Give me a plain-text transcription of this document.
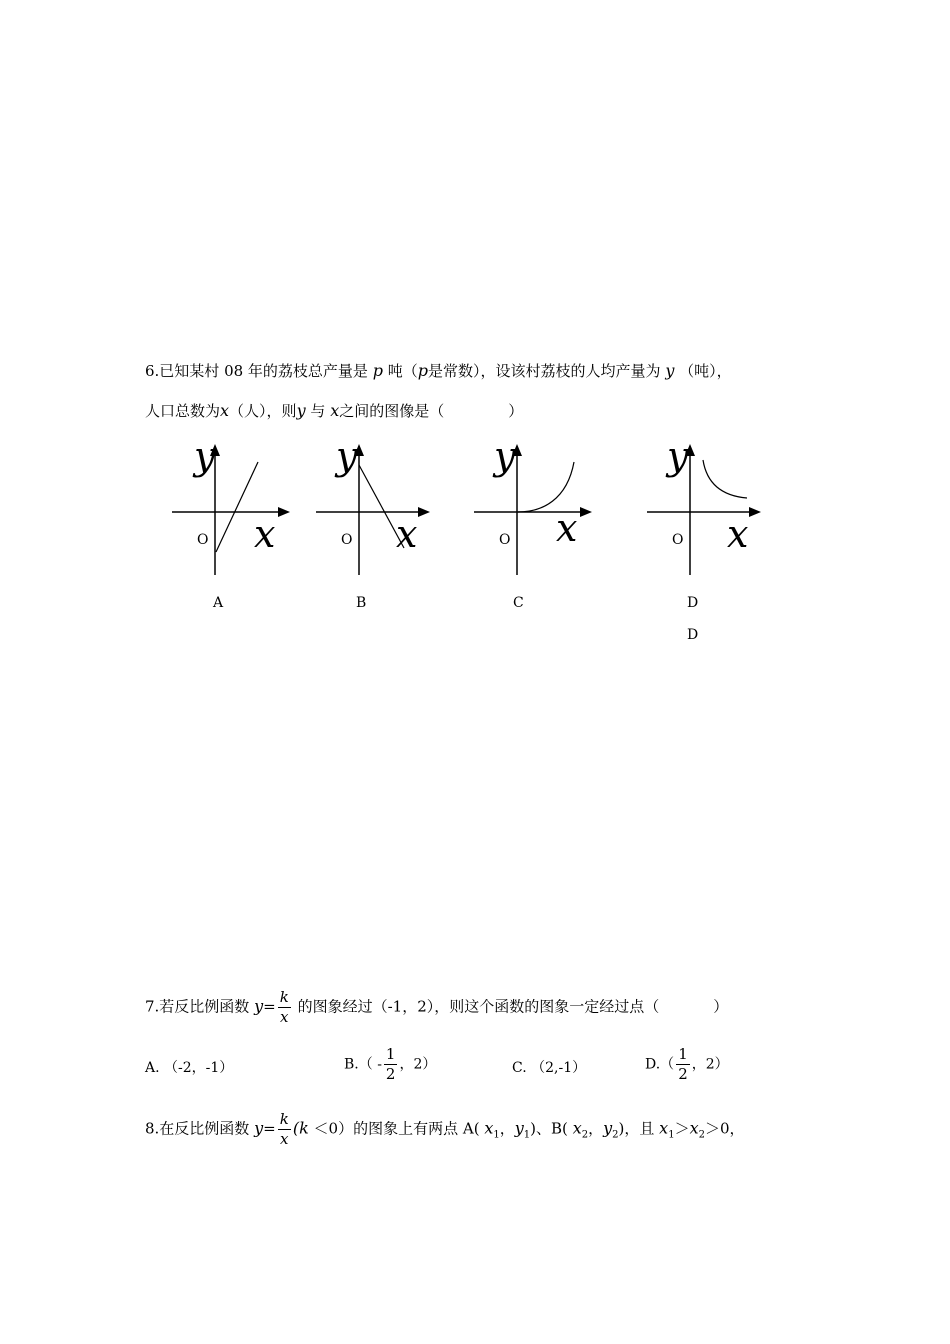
6.已知某村 08 年的荔枝总产量是 p 吨（p是常数），设该村荔枝的人均产量为 y （吨），
人口总数为x（人），则y 与 x之间的图像是（	）
y
x
O
A
y
x
O
B
y
x
O
C
y
x
O
D
D
7.若反比例函数 $y= \frac{k}{x}$ 的图象经过（-1，2），则这个函数的图象一定经过点（	）
A. （-2，-1）	$B.( - \frac{1}{2}$ ，2）	C. （2,-1）	$D.( \frac{1}{2}$ ，2）
8.在反比例函数 $y= \frac{k}{x} (k <0)$的图象上有两点 A( $x_1$，$y_1$)、B( $x_2$，$y_2$)，且 $x_1>x_2>0$，
